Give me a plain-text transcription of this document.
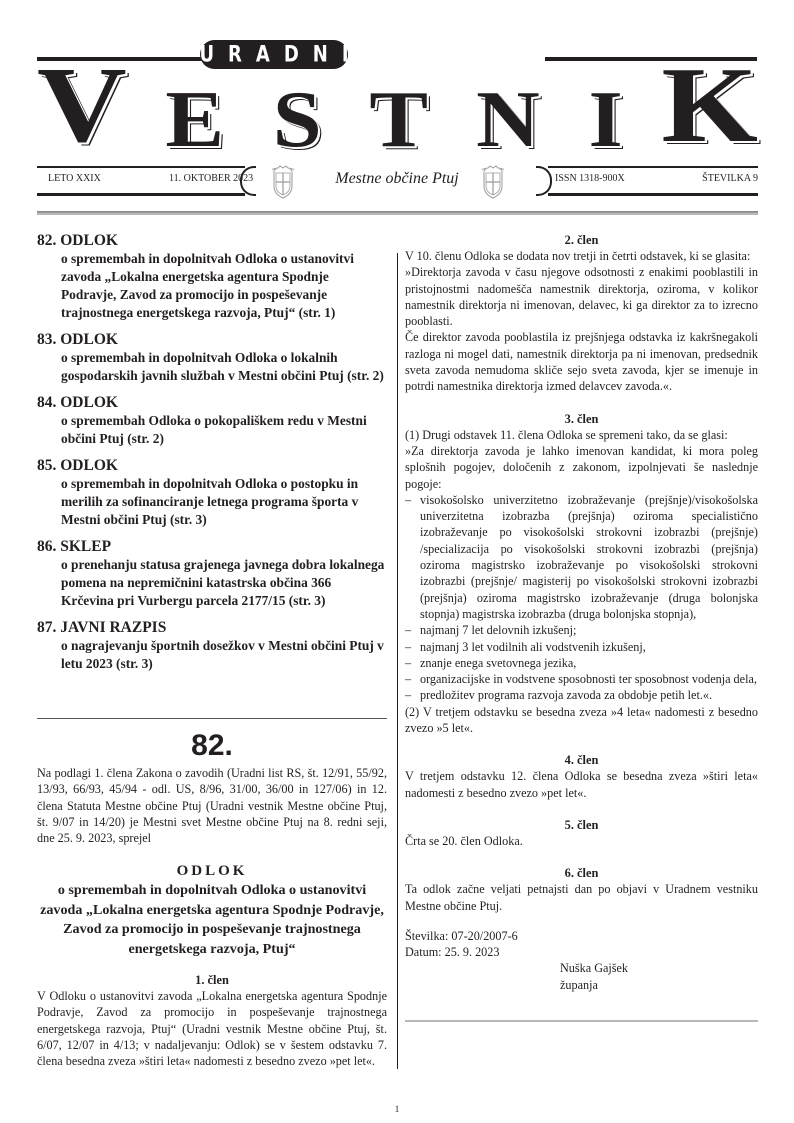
URADNI
V E S T N I K
LETO XXIX	11. OKTOBER 2023	Mestne občine Ptuj	ISSN 1318-900X	ŠTEVILKA 9
82. ODLOK
o spremembah in dopolnitvah Odloka o ustanovitvi zavoda „Lokalna energetska agentura Spodnje Podravje, Zavod za promocijo in pospeševanje trajnostnega energetskega razvoja, Ptuj“ (str. 1)
83. ODLOK
o spremembah in dopolnitvah Odloka o lokalnih gospodarskih javnih službah v Mestni občini Ptuj (str. 2)
84. ODLOK
o spremembah Odloka o pokopališkem redu v Mestni občini Ptuj (str. 2)
85. ODLOK
o spremembah in dopolnitvah Odloka o postopku in merilih za sofinanciranje letnega programa športa v Mestni občini Ptuj (str. 3)
86. SKLEP
o prenehanju statusa grajenega javnega dobra lokalnega pomena na nepremičnini katastrska občina 366 Krčevina pri Vurbergu parcela 2177/15 (str. 3)
87. JAVNI RAZPIS
o nagrajevanju športnih dosežkov v Mestni občini Ptuj v letu 2023 (str. 3)
82.

Na podlagi 1. člena Zakona o zavodih (Uradni list RS, št. 12/91, 55/92, 13/93, 66/93, 45/94 - odl. US, 8/96, 31/00, 36/00 in 127/06) in 12. člena Statuta Mestne občine Ptuj (Uradni vestnik Mestne občine Ptuj, št. 9/07 in 14/20) je Mestni svet Mestne občine Ptuj na 8. redni seji, dne 25. 9. 2023, sprejel

ODLOK
o spremembah in dopolnitvah Odloka o ustanovitvi zavoda „Lokalna energetska agentura Spodnje Podravje, Zavod za promocijo in pospeševanje trajnostnega energetskega razvoja, Ptuj“
1. člen

V Odloku o ustanovitvi zavoda „Lokalna energetska agentura Spodnje Podravje, Zavod za promocijo in pospeševanje trajnostnega energetskega razvoja, Ptuj“ (Uradni vestnik Mestne občine Ptuj, št. 6/07, 12/07 in 4/13; v nadaljevanju: Odlok) se v šestem odstavku 7. člena besedna zveza »štiri leta« nadomesti z besedno zvezo »pet let«.

2. člen

V 10. členu Odloka se dodata nov tretji in četrti odstavek, ki se glasita:

»Direktorja zavoda v času njegove odsotnosti z enakimi pooblastili in pristojnostmi nadomešča namestnik direktorja, oziroma, v kolikor namestnik direktorja ni imenovan, delavec, ki ga direktor za to izrecno pooblasti.

Če direktor zavoda pooblastila iz prejšnjega odstavka iz kakršnegakoli razloga ni mogel dati, namestnik direktorja pa ni imenovan, predsednik sveta zavoda nemudoma skliče sejo sveta zavoda, kjer se imenuje in potrdi namestnika direktorja izmed delavcev zavoda.«.

3. člen

(1) Drugi odstavek 11. člena Odloka se spremeni tako, da se glasi:

»Za direktorja zavoda je lahko imenovan kandidat, ki mora poleg splošnih pogojev, določenih z zakonom, izpolnjevati še naslednje pogoje:

– visokošolsko univerzitetno izobraževanje (prejšnje)/visokošolska univerzitetna izobrazba (prejšnja) oziroma specialistično izobraževanje po visokošolski strokovni izobrazbi (prejšnje) /specializacija po visokošolski strokovni izobrazbi (prejšnja) oziroma magistrsko izobraževanje po visokošolski strokovni izobrazbi (prejšnje/ magisterij po visokošolski strokovni izobrazbi (prejšnja) oziroma magistrsko izobraževanje (druga bolonjska stopnja) magistrska izobrazba (druga bolonjska stopnja),
– najmanj 7 let delovnih izkušenj;
– najmanj 3 let vodilnih ali vodstvenih izkušenj,
– znanje enega svetovnega jezika,
– organizacijske in vodstvene sposobnosti ter sposobnost vodenja dela,
– predložitev programa razvoja zavoda za obdobje petih let.«.

(2) V tretjem odstavku se besedna zveza »4 leta« nadomesti z besedno zvezo »5 let«.

4. člen

V tretjem odstavku 12. člena Odloka se besedna zveza »štiri leta« nadomesti z besedno zvezo »pet let«.

5. člen

Črta se 20. člen Odloka.

6. člen

Ta odlok začne veljati petnajsti dan po objavi v Uradnem vestniku Mestne občine Ptuj.

Številka: 07-20/2007-6
Datum: 25. 9. 2023
Nuška Gajšek
županja
1
